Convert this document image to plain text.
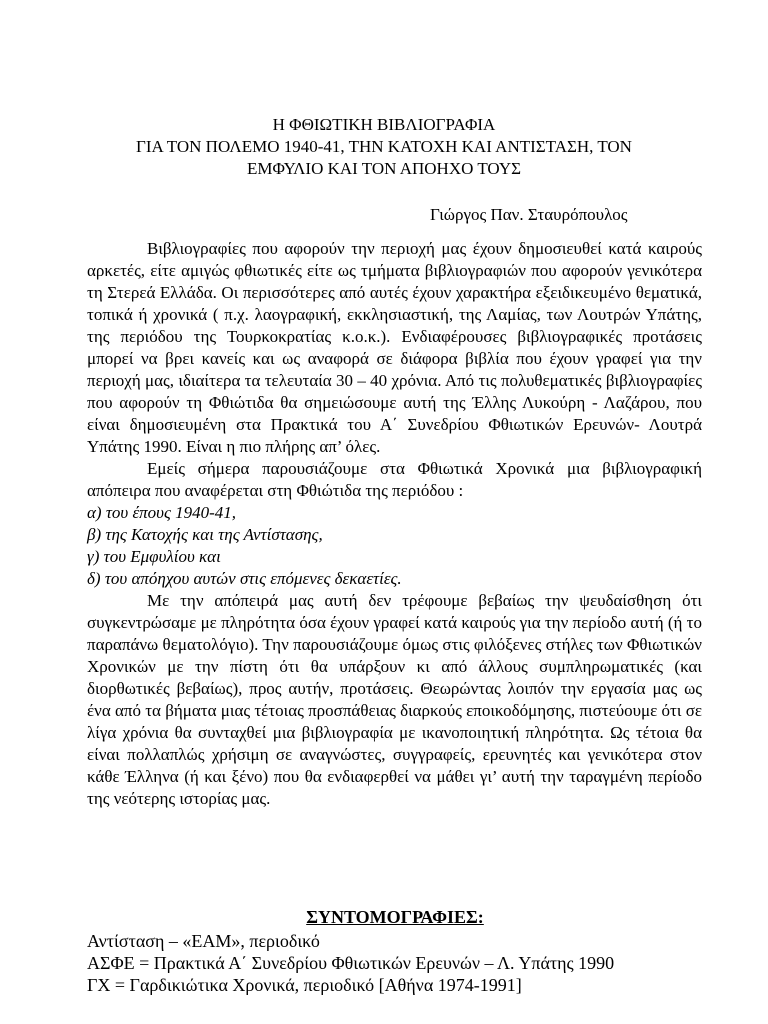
Η ΦΘΙΩΤΙΚΗ ΒΙΒΛΙΟΓΡΑΦΙΑ
ΓΙΑ ΤΟΝ ΠΟΛΕΜΟ 1940-41, ΤΗΝ ΚΑΤΟΧΗ ΚΑΙ ΑΝΤΙΣΤΑΣΗ, ΤΟΝ
ΕΜΦΥΛΙΟ ΚΑΙ ΤΟΝ ΑΠΟΗΧΟ ΤΟΥΣ
Γιώργος Παν. Σταυρόπουλος

Βιβλιογραφίες που αφορούν την περιοχή μας έχουν δημοσιευθεί κατά καιρούς αρκετές, είτε αμιγώς φθιωτικές είτε ως τμήματα βιβλιογραφιών που αφορούν γενικότερα τη Στερεά Ελλάδα. Οι περισσότερες από αυτές έχουν χαρακτήρα εξειδικευμένο θεματικά, τοπικά ή χρονικά ( π.χ. λαογραφική, εκκλησιαστική, της Λαμίας, των Λουτρών Υπάτης, της περιόδου της Τουρκοκρατίας κ.ο.κ.). Ενδιαφέρουσες βιβλιογραφικές προτάσεις μπορεί να βρει κανείς και ως αναφορά σε διάφορα βιβλία που έχουν γραφεί για την περιοχή μας, ιδιαίτερα τα τελευταία 30 – 40 χρόνια. Από τις πολυθεματικές βιβλιογραφίες που αφορούν τη Φθιώτιδα θα σημειώσουμε αυτή της Έλλης Λυκούρη - Λαζάρου, που είναι δημοσιευμένη στα Πρακτικά του Α΄ Συνεδρίου Φθιωτικών Ερευνών- Λουτρά Υπάτης 1990. Είναι η πιο πλήρης απ’ όλες.

Εμείς σήμερα παρουσιάζουμε στα Φθιωτικά Χρονικά μια βιβλιογραφική απόπειρα που αναφέρεται στη Φθιώτιδα της περιόδου :

α) του έπους 1940-41,
β) της Κατοχής και της Αντίστασης,
γ) του Εμφυλίου και
δ) του απόηχου αυτών στις επόμενες δεκαετίες.

Με την απόπειρά μας αυτή δεν τρέφουμε βεβαίως την ψευδαίσθηση ότι συγκεντρώσαμε με πληρότητα όσα έχουν γραφεί κατά καιρούς για την περίοδο αυτή (ή το παραπάνω θεματολόγιο). Την παρουσιάζουμε όμως στις φιλόξενες στήλες των Φθιωτικών Χρονικών με την πίστη ότι θα υπάρξουν κι από άλλους συμπληρωματικές (και διορθωτικές βεβαίως), προς αυτήν, προτάσεις. Θεωρώντας λοιπόν την εργασία μας ως ένα από τα βήματα μιας τέτοιας προσπάθειας διαρκούς εποικοδόμησης, πιστεύουμε ότι σε λίγα χρόνια θα συνταχθεί μια βιβλιογραφία με ικανοποιητική πληρότητα. Ως τέτοια θα είναι πολλαπλώς χρήσιμη σε αναγνώστες, συγγραφείς, ερευνητές και γενικότερα στον κάθε Έλληνα (ή και ξένο) που θα ενδιαφερθεί να μάθει γι’ αυτή την ταραγμένη περίοδο της νεότερης ιστορίας μας.

ΣΥΝΤΟΜΟΓΡΑΦΙΕΣ:
Αντίσταση – «ΕΑΜ», περιοδικό
ΑΣΦΕ = Πρακτικά Α΄ Συνεδρίου Φθιωτικών Ερευνών – Λ. Υπάτης 1990
ΓΧ = Γαρδικιώτικα Χρονικά, περιοδικό [Αθήνα 1974-1991]
